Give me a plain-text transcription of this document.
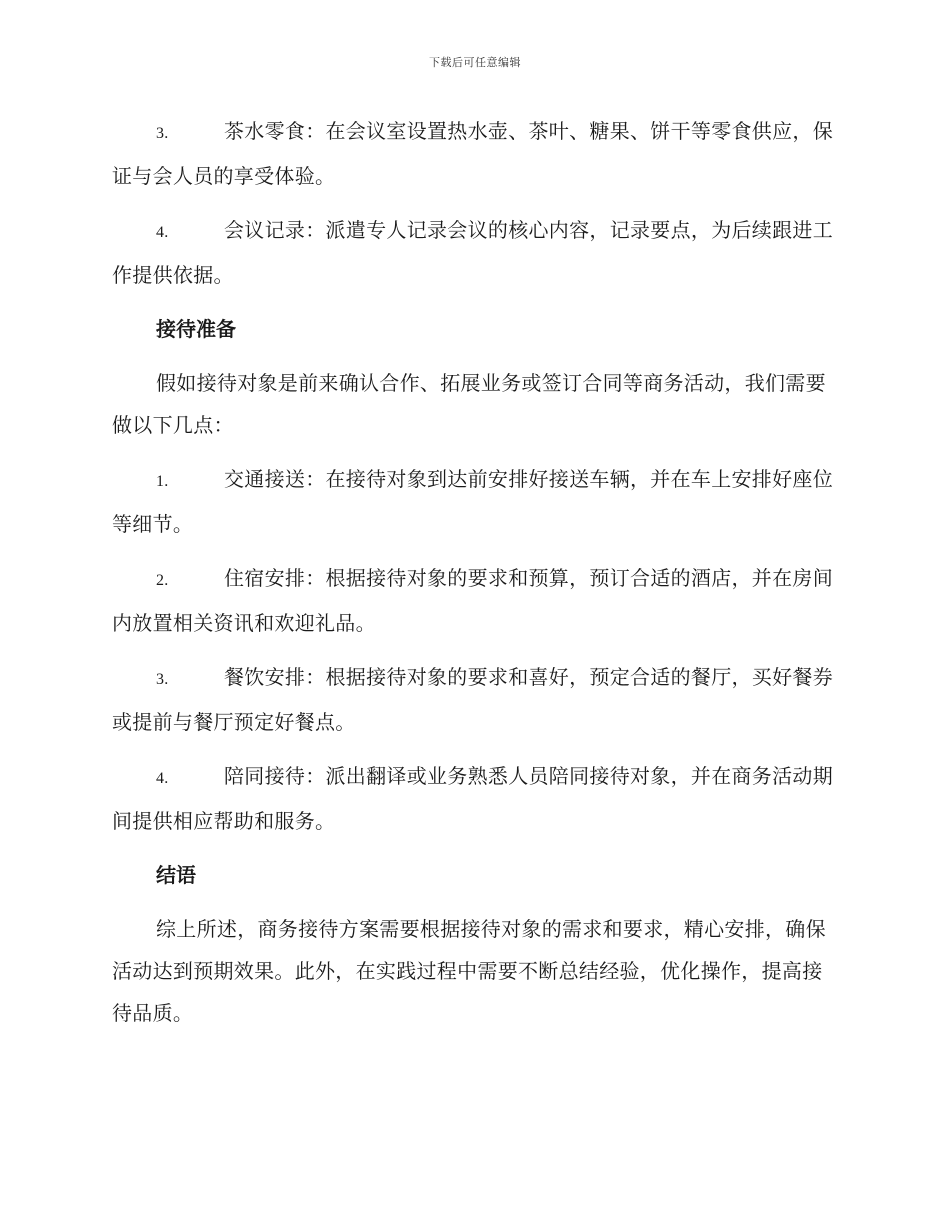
下载后可任意编辑

3.	茶水零食：在会议室设置热水壶、茶叶、糖果、饼干等零食供应，保证与会人员的享受体验。

4.	会议记录：派遣专人记录会议的核心内容，记录要点，为后续跟进工作提供依据。

接待准备

假如接待对象是前来确认合作、拓展业务或签订合同等商务活动，我们需要做以下几点：

1.	交通接送：在接待对象到达前安排好接送车辆，并在车上安排好座位等细节。

2.	住宿安排：根据接待对象的要求和预算，预订合适的酒店，并在房间内放置相关资讯和欢迎礼品。

3.	餐饮安排：根据接待对象的要求和喜好，预定合适的餐厅，买好餐券或提前与餐厅预定好餐点。

4.	陪同接待：派出翻译或业务熟悉人员陪同接待对象，并在商务活动期间提供相应帮助和服务。

结语

综上所述，商务接待方案需要根据接待对象的需求和要求，精心安排，确保活动达到预期效果。此外，在实践过程中需要不断总结经验，优化操作，提高接待品质。
